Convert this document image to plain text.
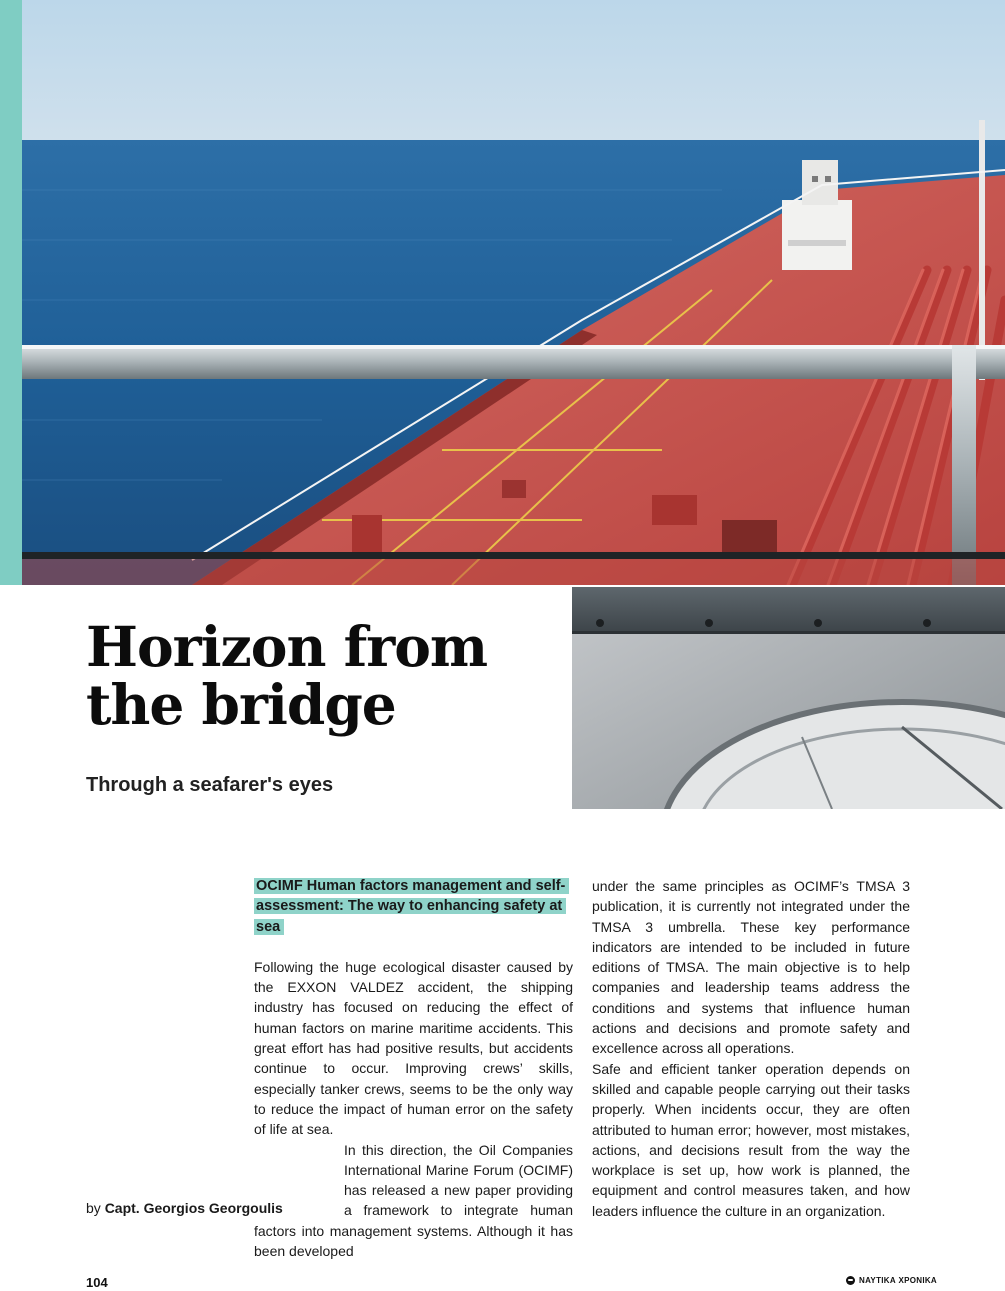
Horizon from the bridge
Through a seafarer's eyes
OCIMF Human factors management and self-assessment: The way to enhancing safety at sea

Following the huge ecological disaster caused by the EXXON VALDEZ accident, the shipping industry has focused on reducing the effect of human factors on marine maritime accidents. This great effort has had positive results, but accidents continue to occur. Improving crews’ skills, especially tanker crews, seems to be the only way to reduce the impact of human error on the safety of life at sea.

In this direction, the Oil Companies International Marine Forum (OCIMF) has released a new paper providing a framework to integrate human factors into management systems. Although it has been developed

under the same principles as OCIMF’s TMSA 3 publication, it is currently not integrated under the TMSA 3 umbrella. These key performance indicators are intended to be included in future editions of TMSA. The main objective is to help companies and leadership teams address the conditions and systems that influence human actions and decisions and promote safety and excellence across all operations.

Safe and efficient tanker operation depends on skilled and capable people carrying out their tasks properly. When incidents occur, they are often attributed to human error; however, most mistakes, actions, and decisions result from the way the workplace is set up, how work is planned, the equipment and control measures taken, and how leaders influence the culture in an organization.

by Capt. Georgios Georgoulis
104	ΝΑΥΤΙΚΑ ΧΡΟΝΙΚΑ
